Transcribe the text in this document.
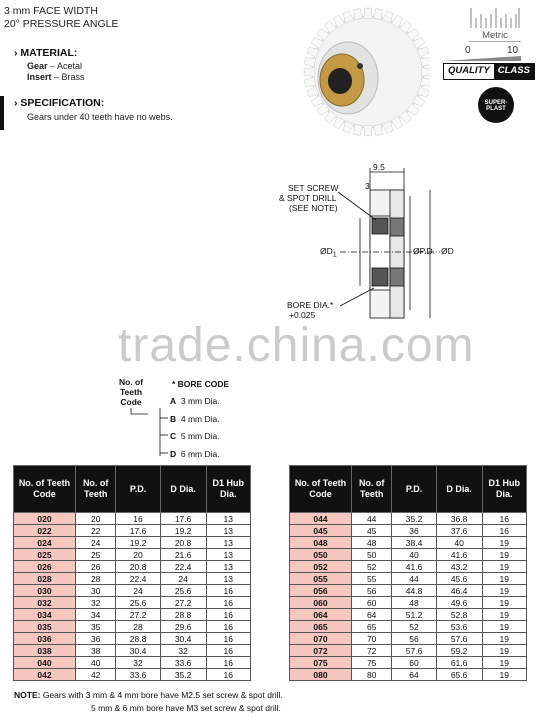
3 mm FACE WIDTH
20° PRESSURE ANGLE
› MATERIAL:
Gear – Acetal
Insert – Brass
› SPECIFICATION:
Gears under 40 teeth have no webs.
Metric
0	10
QUALITY CLASS
SUPER-PLAST
9.5
3
SET SCREW
& SPOT DRILL
(SEE NOTE)
$ØD_1$	ØP.D. ØD
BORE DIA.*
+0.025
trade.china.com
No. of
Teeth
Code
* BORE CODE
A 3 mm Dia.
B 4 mm Dia.
C 5 mm Dia.
D 6 mm Dia.
No. of Teeth Code	No. of Teeth	P.D.	D Dia.	D1 Hub Dia.
020	20	16	17.6	13
022	22	17.6	19.2	13
024	24	19.2	20.8	13
025	25	20	21.6	13
026	26	20.8	22.4	13
028	28	22.4	24	13
030	30	24	25.6	16
032	32	25.6	27.2	16
034	34	27.2	28.8	16
035	35	28	29.6	16
036	36	28.8	30.4	16
038	38	30.4	32	16
040	40	32	33.6	16
042	42	33.6	35.2	16
No. of Teeth Code	No. of Teeth	P.D.	D Dia.	D1 Hub Dia.
044	44	35.2	36.8	16
045	45	36	37.6	16
048	48	38.4	40	19
050	50	40	41.6	19
052	52	41.6	43.2	19
055	55	44	45.6	19
056	56	44.8	46.4	19
060	60	48	49.6	19
064	64	51.2	52.8	19
065	65	52	53.6	19
070	70	56	57.6	19
072	72	57.6	59.2	19
075	75	60	61.6	19
080	80	64	65.6	19
NOTE: Gears with 3 mm & 4 mm bore have M2.5 set screw & spot drill.
5 mm & 6 mm bore have M3 set screw & spot drill.
